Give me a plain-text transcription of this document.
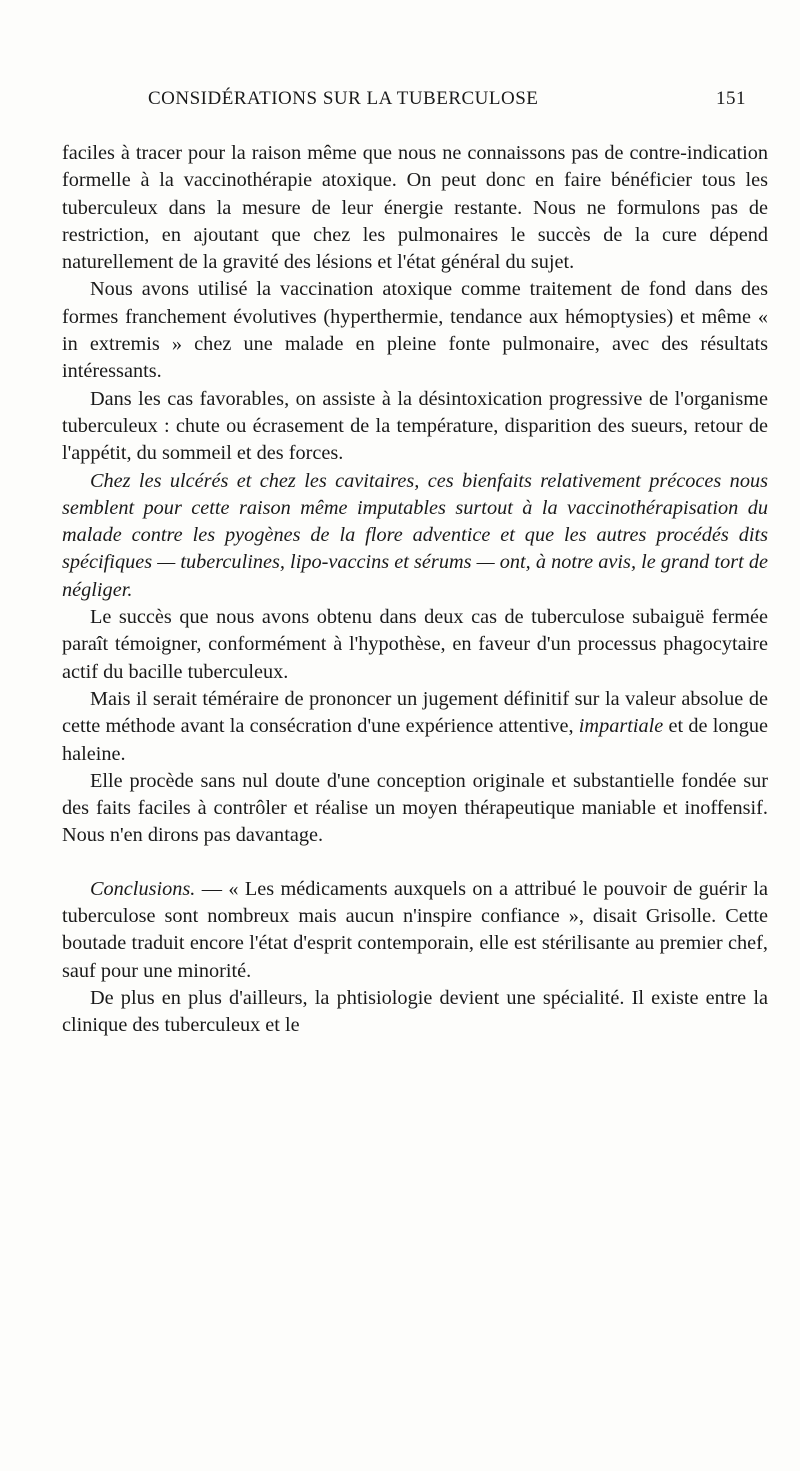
CONSIDÉRATIONS SUR LA TUBERCULOSE	151

faciles à tracer pour la raison même que nous ne connaissons pas de contre-indication formelle à la vaccinothérapie atoxique. On peut donc en faire bénéficier tous les tuberculeux dans la mesure de leur énergie restante. Nous ne formulons pas de restriction, en ajoutant que chez les pulmonaires le succès de la cure dépend naturellement de la gravité des lésions et l'état général du sujet.

Nous avons utilisé la vaccination atoxique comme traitement de fond dans des formes franchement évolutives (hyperthermie, tendance aux hémoptysies) et même « in extremis » chez une malade en pleine fonte pulmonaire, avec des résultats intéressants.

Dans les cas favorables, on assiste à la désintoxication progressive de l'organisme tuberculeux : chute ou écrasement de la température, disparition des sueurs, retour de l'appétit, du sommeil et des forces.

Chez les ulcérés et chez les cavitaires, ces bienfaits relativement précoces nous semblent pour cette raison même imputables surtout à la vaccinothérapisation du malade contre les pyogènes de la flore adventice et que les autres procédés dits spécifiques — tuberculines, lipo-vaccins et sérums — ont, à notre avis, le grand tort de négliger.

Le succès que nous avons obtenu dans deux cas de tuberculose subaiguë fermée paraît témoigner, conformément à l'hypothèse, en faveur d'un processus phagocytaire actif du bacille tuberculeux.

Mais il serait téméraire de prononcer un jugement définitif sur la valeur absolue de cette méthode avant la consécration d'une expérience attentive, impartiale et de longue haleine.

Elle procède sans nul doute d'une conception originale et substantielle fondée sur des faits faciles à contrôler et réalise un moyen thérapeutique maniable et inoffensif. Nous n'en dirons pas davantage.

Conclusions. — « Les médicaments auxquels on a attribué le pouvoir de guérir la tuberculose sont nombreux mais aucun n'inspire confiance », disait Grisolle. Cette boutade traduit encore l'état d'esprit contemporain, elle est stérilisante au premier chef, sauf pour une minorité.

De plus en plus d'ailleurs, la phtisiologie devient une spécialité. Il existe entre la clinique des tuberculeux et le
